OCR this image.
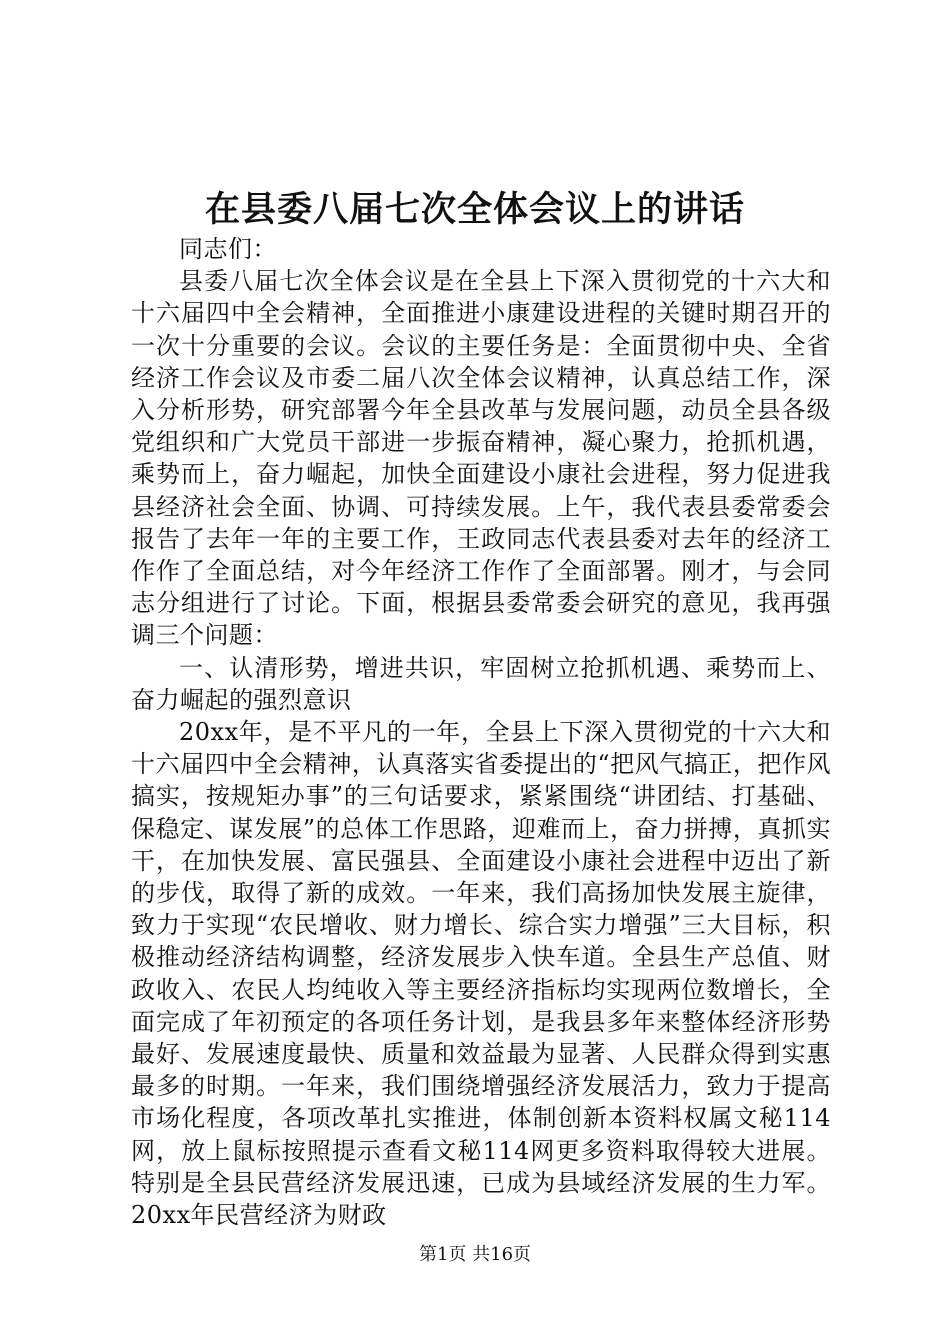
在县委八届七次全体会议上的讲话

同志们：

县委八届七次全体会议是在全县上下深入贯彻党的十六大和十六届四中全会精神，全面推进小康建设进程的关键时期召开的一次十分重要的会议。会议的主要任务是：全面贯彻中央、全省经济工作会议及市委二届八次全体会议精神，认真总结工作，深入分析形势，研究部署今年全县改革与发展问题，动员全县各级党组织和广大党员干部进一步振奋精神，凝心聚力，抢抓机遇，乘势而上，奋力崛起，加快全面建设小康社会进程，努力促进我县经济社会全面、协调、可持续发展。上午，我代表县委常委会报告了去年一年的主要工作，王政同志代表县委对去年的经济工作作了全面总结，对今年经济工作作了全面部署。刚才，与会同志分组进行了讨论。下面，根据县委常委会研究的意见，我再强调三个问题：

一、认清形势，增进共识，牢固树立抢抓机遇、乘势而上、奋力崛起的强烈意识

20xx年，是不平凡的一年，全县上下深入贯彻党的十六大和十六届四中全会精神，认真落实省委提出的“把风气搞正，把作风搞实，按规矩办事”的三句话要求，紧紧围绕“讲团结、打基础、保稳定、谋发展”的总体工作思路，迎难而上，奋力拼搏，真抓实干，在加快发展、富民强县、全面建设小康社会进程中迈出了新的步伐，取得了新的成效。一年来，我们高扬加快发展主旋律，致力于实现“农民增收、财力增长、综合实力增强”三大目标，积极推动经济结构调整，经济发展步入快车道。全县生产总值、财政收入、农民人均纯收入等主要经济指标均实现两位数增长，全面完成了年初预定的各项任务计划，是我县多年来整体经济形势最好、发展速度最快、质量和效益最为显著、人民群众得到实惠最多的时期。一年来，我们围绕增强经济发展活力，致力于提高市场化程度，各项改革扎实推进，体制创新本资料权属文秘114网，放上鼠标按照提示查看文秘114网更多资料取得较大进展。特别是全县民营经济发展迅速，已成为县域经济发展的生力军。20xx年民营经济为财政

第1页 共16页
